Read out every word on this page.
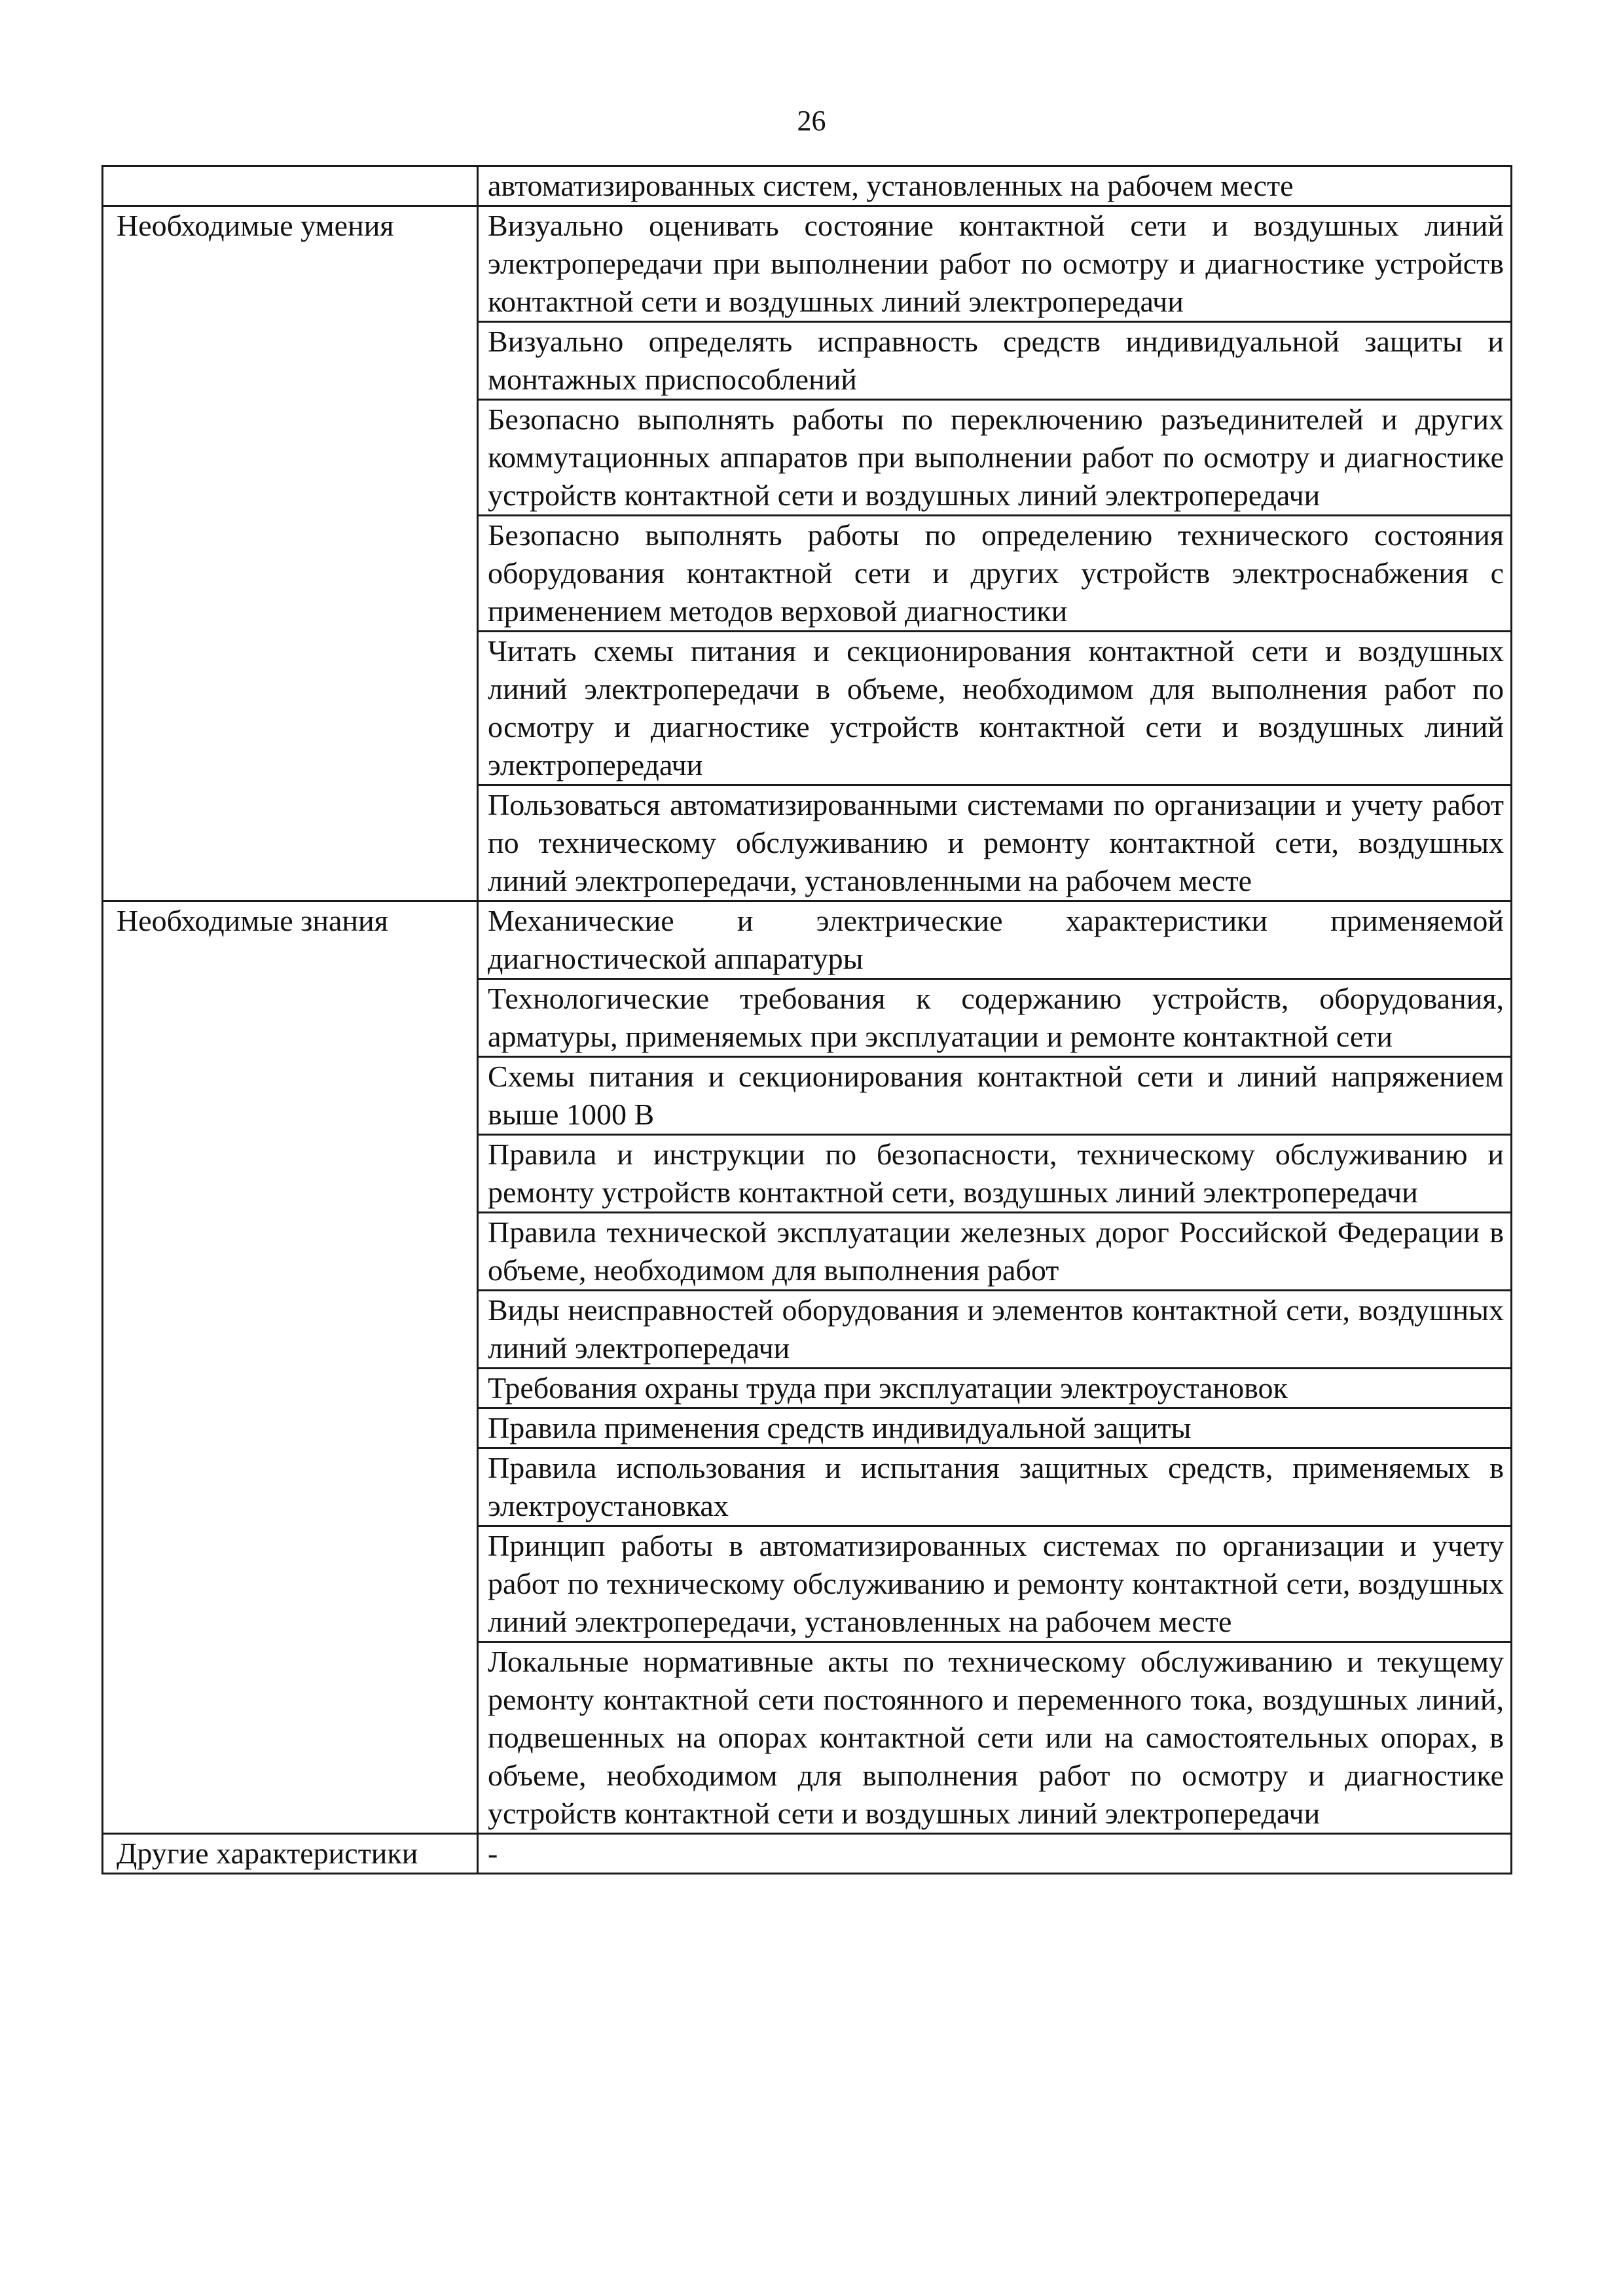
26
	автоматизированных систем, установленных на рабочем месте
Необходимые умения	Визуально оценивать состояние контактной сети и воздушных линий электропередачи при выполнении работ по осмотру и диагностике устройств контактной сети и воздушных линий электропередачи
	Визуально определять исправность средств индивидуальной защиты и монтажных приспособлений
	Безопасно выполнять работы по переключению разъединителей и других коммутационных аппаратов при выполнении работ по осмотру и диагностике устройств контактной сети и воздушных линий электропередачи
	Безопасно выполнять работы по определению технического состояния оборудования контактной сети и других устройств электроснабжения с применением методов верховой диагностики
	Читать схемы питания и секционирования контактной сети и воздушных линий электропередачи в объеме, необходимом для выполнения работ по осмотру и диагностике устройств контактной сети и воздушных линий электропередачи
	Пользоваться автоматизированными системами по организации и учету работ по техническому обслуживанию и ремонту контактной сети, воздушных линий электропередачи, установленными на рабочем месте
Необходимые знания	Механические и электрические характеристики применяемой диагностической аппаратуры
	Технологические требования к содержанию устройств, оборудования, арматуры, применяемых при эксплуатации и ремонте контактной сети
	Схемы питания и секционирования контактной сети и линий напряжением выше 1000 В
	Правила и инструкции по безопасности, техническому обслуживанию и ремонту устройств контактной сети, воздушных линий электропередачи
	Правила технической эксплуатации железных дорог Российской Федерации в объеме, необходимом для выполнения работ
	Виды неисправностей оборудования и элементов контактной сети, воздушных линий электропередачи
	Требования охраны труда при эксплуатации электроустановок
	Правила применения средств индивидуальной защиты
	Правила использования и испытания защитных средств, применяемых в электроустановках
	Принцип работы в автоматизированных системах по организации и учету работ по техническому обслуживанию и ремонту контактной сети, воздушных линий электропередачи, установленных на рабочем месте
	Локальные нормативные акты по техническому обслуживанию и текущему ремонту контактной сети постоянного и переменного тока, воздушных линий, подвешенных на опорах контактной сети или на самостоятельных опорах, в объеме, необходимом для выполнения работ по осмотру и диагностике устройств контактной сети и воздушных линий электропередачи
Другие характеристики	-
